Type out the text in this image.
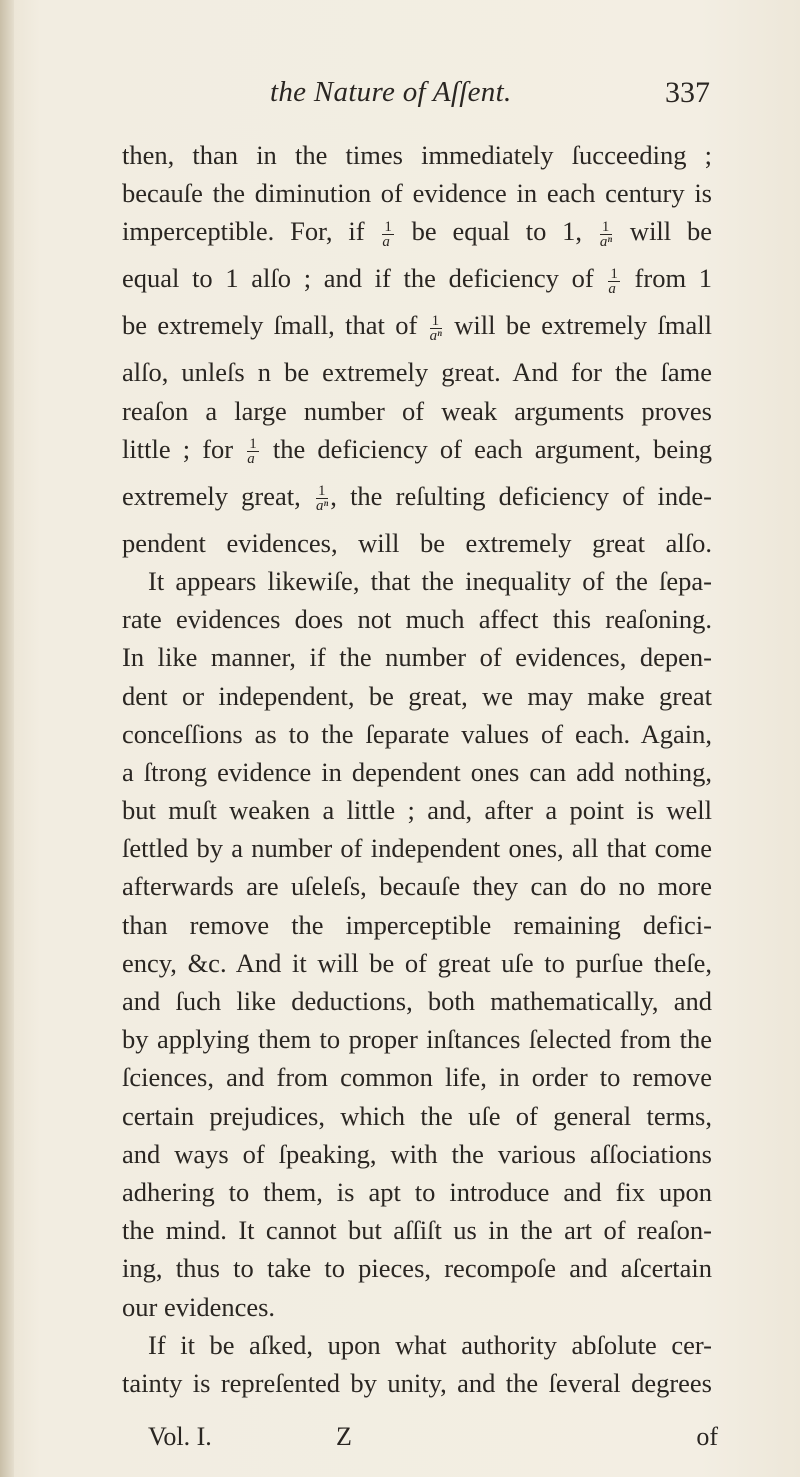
the Nature of Aſſent.	337
then, than in the times immediately ſucceeding ;
becauſe the diminution of evidence in each century is
imperceptible. For, if $\frac{1}{a}$ be equal to 1, $\frac{1}{\text{aⁿ}}$ will be
equal to 1 alſo ; and if the deficiency of $\frac{1}{a}$ from 1
be extremely ſmall, that of $\frac{1}{\text{aⁿ}}$ will be extremely ſmall
alſo, unleſs n be extremely great. And for the ſame
reaſon a large number of weak arguments proves
little ; for $\frac{1}{a}$ the deficiency of each argument, being
extremely great, $\frac{1}{\text{aⁿ}}$ , the reſulting deficiency of inde-
pendent evidences, will be extremely great alſo.
It appears likewiſe, that the inequality of the ſepa-
rate evidences does not much affect this reaſoning.
In like manner, if the number of evidences, depen-
dent or independent, be great, we may make great
conceſſions as to the ſeparate values of each. Again,
a ſtrong evidence in dependent ones can add nothing,
but muſt weaken a little ; and, after a point is well
ſettled by a number of independent ones, all that come
afterwards are uſeleſs, becauſe they can do no more
than remove the imperceptible remaining defici-
ency, &c. And it will be of great uſe to purſue theſe,
and ſuch like deductions, both mathematically, and
by applying them to proper inſtances ſelected from the
ſciences, and from common life, in order to remove
certain prejudices, which the uſe of general terms,
and ways of ſpeaking, with the various aſſociations
adhering to them, is apt to introduce and fix upon
the mind. It cannot but aſſiſt us in the art of reaſon-
ing, thus to take to pieces, recompoſe and aſcertain
our evidences.
If it be aſked, upon what authority abſolute cer-
tainty is repreſented by unity, and the ſeveral degrees
Vol. I.	Z	of
